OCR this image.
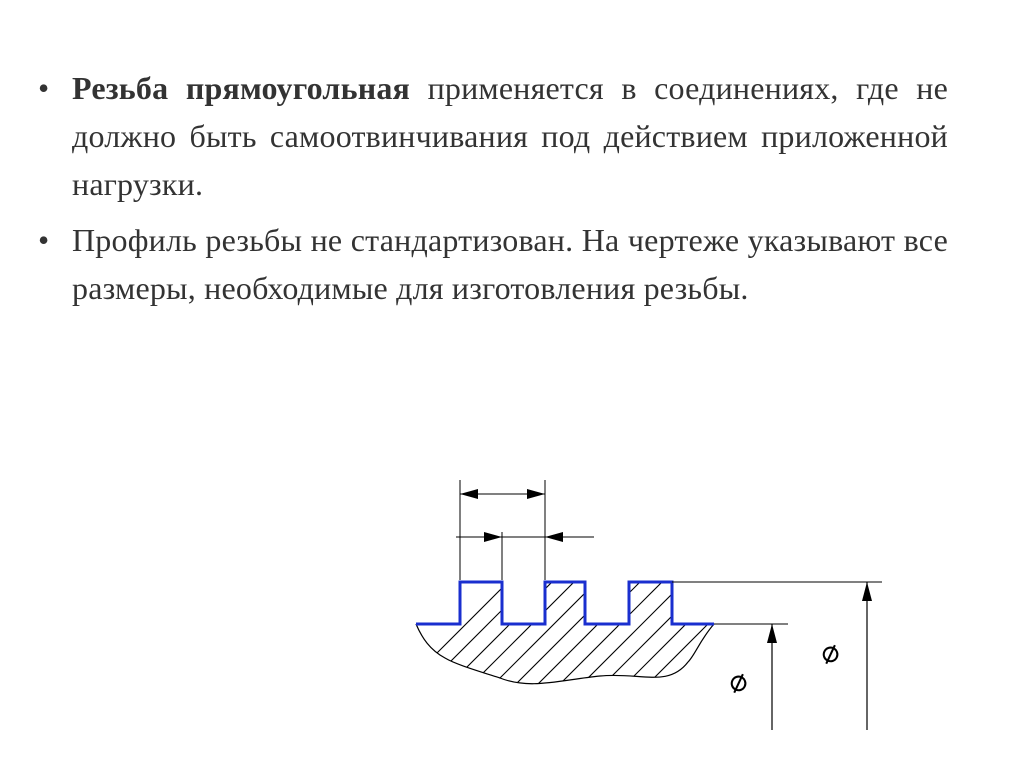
• Резьба прямоугольная применяется в соединениях, где не должно быть самоотвинчивания под действием приложенной нагрузки.
• Профиль резьбы не стандартизован. На чертеже указывают все размеры, необходимые для изготовления резьбы.
⌀
⌀
